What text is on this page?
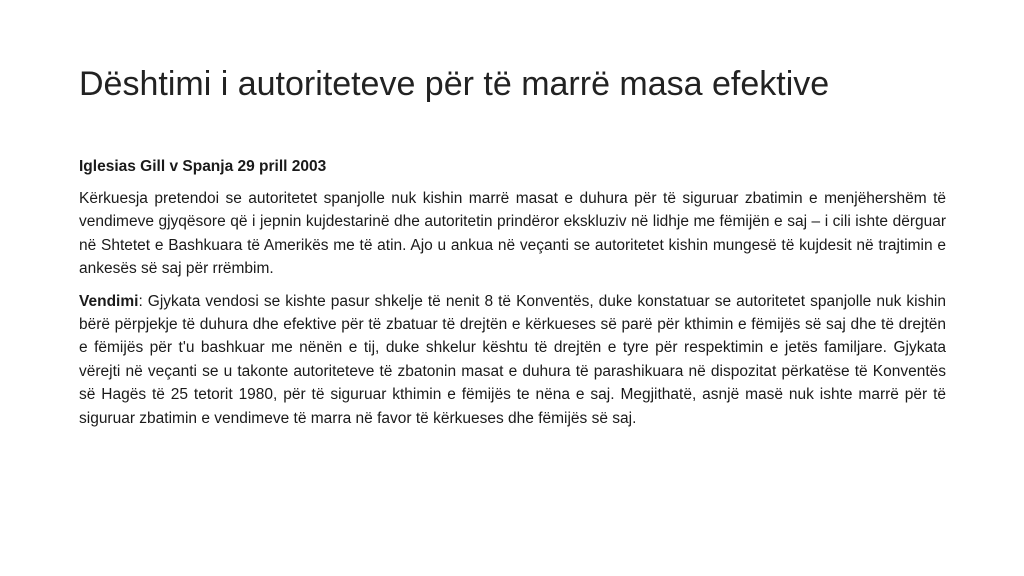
Dështimi i autoriteteve për të marrë masa efektive

Iglesias Gill v Spanja 29 prill 2003

Kërkuesja pretendoi se autoritetet spanjolle nuk kishin marrë masat e duhura për të siguruar zbatimin e menjëhershëm të vendimeve gjyqësore që i jepnin kujdestarinë dhe autoritetin prindëror ekskluziv në lidhje me fëmijën e saj – i cili ishte dërguar në Shtetet e Bashkuara të Amerikës me të atin. Ajo u ankua në veçanti se autoritetet kishin mungesë të kujdesit në trajtimin e ankesës së saj për rrëmbim.

Vendimi: Gjykata vendosi se kishte pasur shkelje të nenit 8 të Konventës, duke konstatuar se autoritetet spanjolle nuk kishin bërë përpjekje të duhura dhe efektive për të zbatuar të drejtën e kërkueses së parë për kthimin e fëmijës së saj dhe të drejtën e fëmijës për t'u bashkuar me nënën e tij, duke shkelur kështu të drejtën e tyre për respektimin e jetës familjare. Gjykata vërejti në veçanti se u takonte autoriteteve të zbatonin masat e duhura të parashikuara në dispozitat përkatëse të Konventës së Hagës të 25 tetorit 1980, për të siguruar kthimin e fëmijës te nëna e saj. Megjithatë, asnjë masë nuk ishte marrë për të siguruar zbatimin e vendimeve të marra në favor të kërkueses dhe fëmijës së saj.
